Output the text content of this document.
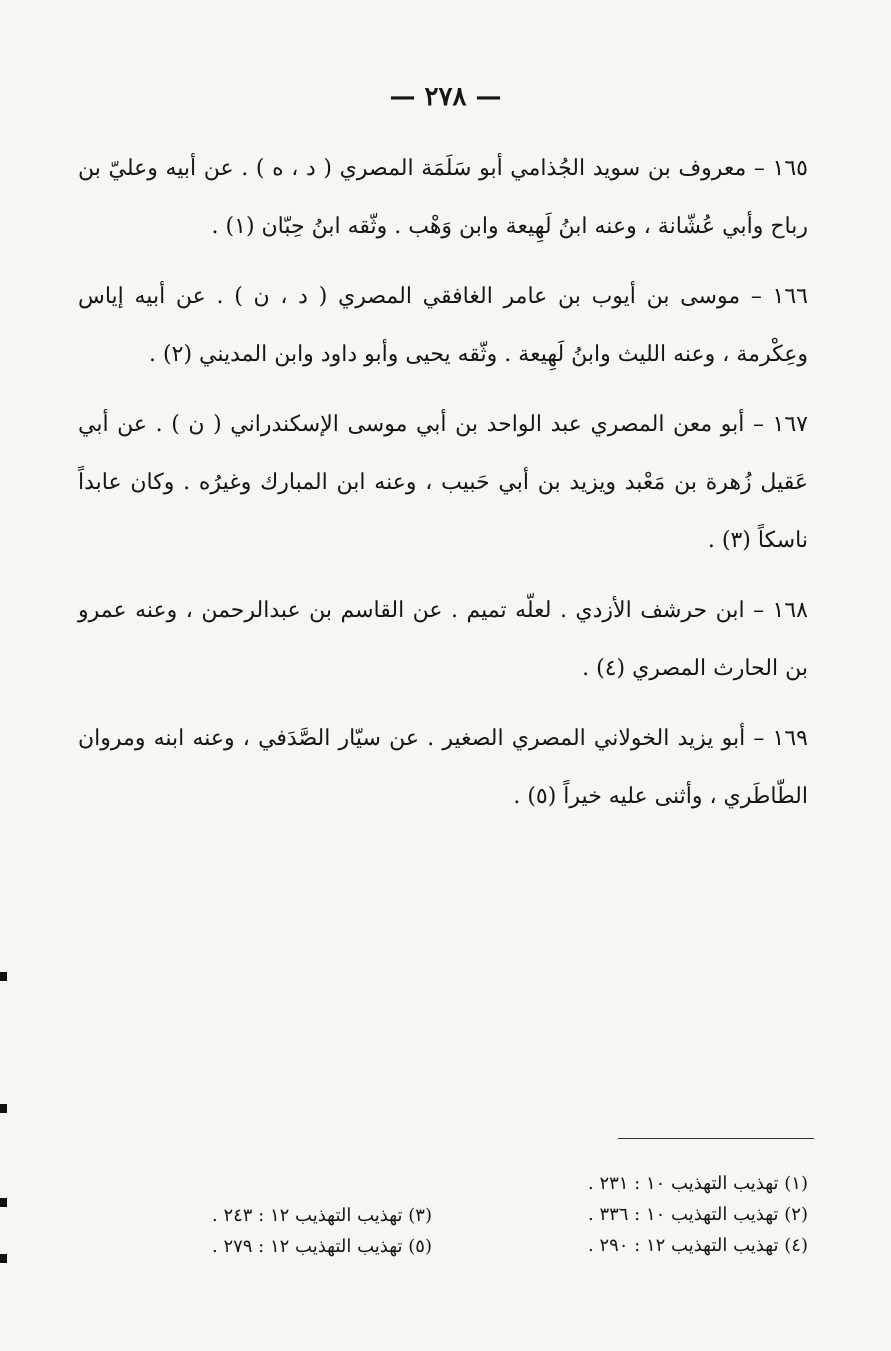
— ٢٧٨ —

١٦٥ – معروف بن سويد الجُذامي أبو سَلَمَة المصري ( د ، ه ) . عن أبيه وعليّ بن رباح وأبي عُشّانة ، وعنه ابنُ لَهِيعة وابن وَهْب . وثّقه ابنُ حِبّان (١) .

١٦٦ – موسى بن أيوب بن عامر الغافقي المصري ( د ، ن ) . عن أبيه إياس وعِكْرمة ، وعنه الليث وابنُ لَهِيعة . وثّقه يحيى وأبو داود وابن المديني (٢) .

١٦٧ – أبو معن المصري عبد الواحد بن أبي موسى الإسكندراني ( ن ) . عن أبي عَقيل زُهرة بن مَعْبد ويزيد بن أبي حَبيب ، وعنه ابن المبارك وغيرُه . وكان عابداً ناسكاً (٣) .

١٦٨ – ابن حرشف الأزدي . لعلّه تميم . عن القاسم بن عبدالرحمن ، وعنه عمرو بن الحارث المصري (٤) .

١٦٩ – أبو يزيد الخولاني المصري الصغير . عن سيّار الصَّدَفي ، وعنه ابنه ومروان الطّاطَري ، وأثنى عليه خيراً (٥) .

(١) تهذيب التهذيب ١٠ : ٢٣١ .
(٢) تهذيب التهذيب ١٠ : ٣٣٦ .
(٤) تهذيب التهذيب ١٢ : ٢٩٠ .
(٣) تهذيب التهذيب ١٢ : ٢٤٣ .
(٥) تهذيب التهذيب ١٢ : ٢٧٩ .
